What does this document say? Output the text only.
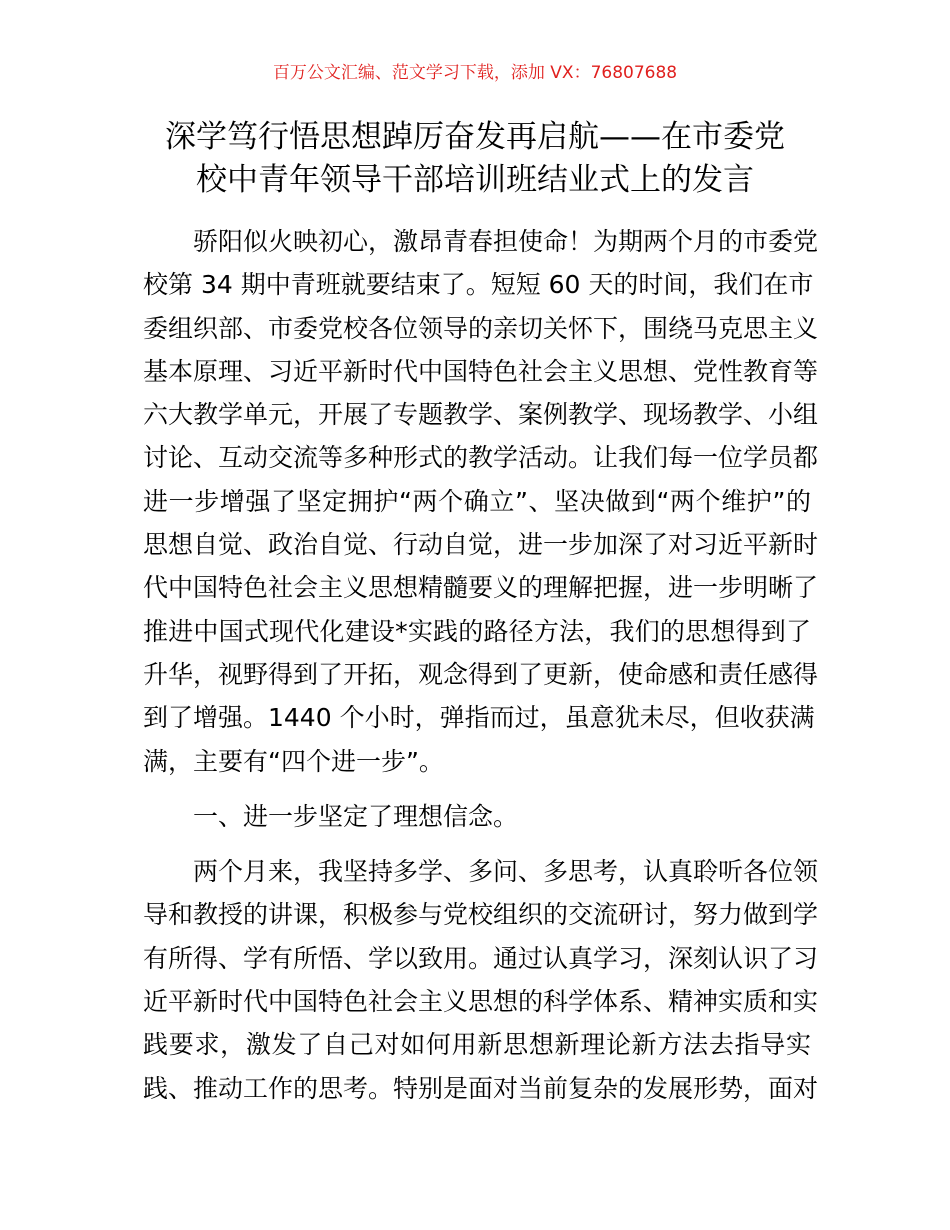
百万公文汇编、范文学习下载，添加 VX：76807688
深学笃行悟思想踔厉奋发再启航——在市委党
校中青年领导干部培训班结业式上的发言
骄阳似火映初心，激昂青春担使命！为期两个月的市委党
校第 34 期中青班就要结束了。短短 60 天的时间，我们在市
委组织部、市委党校各位领导的亲切关怀下，围绕马克思主义
基本原理、习近平新时代中国特色社会主义思想、党性教育等
六大教学单元，开展了专题教学、案例教学、现场教学、小组
讨论、互动交流等多种形式的教学活动。让我们每一位学员都
进一步增强了坚定拥护“两个确立”、坚决做到“两个维护”的
思想自觉、政治自觉、行动自觉，进一步加深了对习近平新时
代中国特色社会主义思想精髓要义的理解把握，进一步明晰了
推进中国式现代化建设*实践的路径方法，我们的思想得到了
升华，视野得到了开拓，观念得到了更新，使命感和责任感得
到了增强。1440 个小时，弹指而过，虽意犹未尽，但收获满
满，主要有“四个进一步”。
一、进一步坚定了理想信念。
两个月来，我坚持多学、多问、多思考，认真聆听各位领
导和教授的讲课，积极参与党校组织的交流研讨，努力做到学
有所得、学有所悟、学以致用。通过认真学习，深刻认识了习
近平新时代中国特色社会主义思想的科学体系、精神实质和实
践要求，激发了自己对如何用新思想新理论新方法去指导实
践、推动工作的思考。特别是面对当前复杂的发展形势，面对
